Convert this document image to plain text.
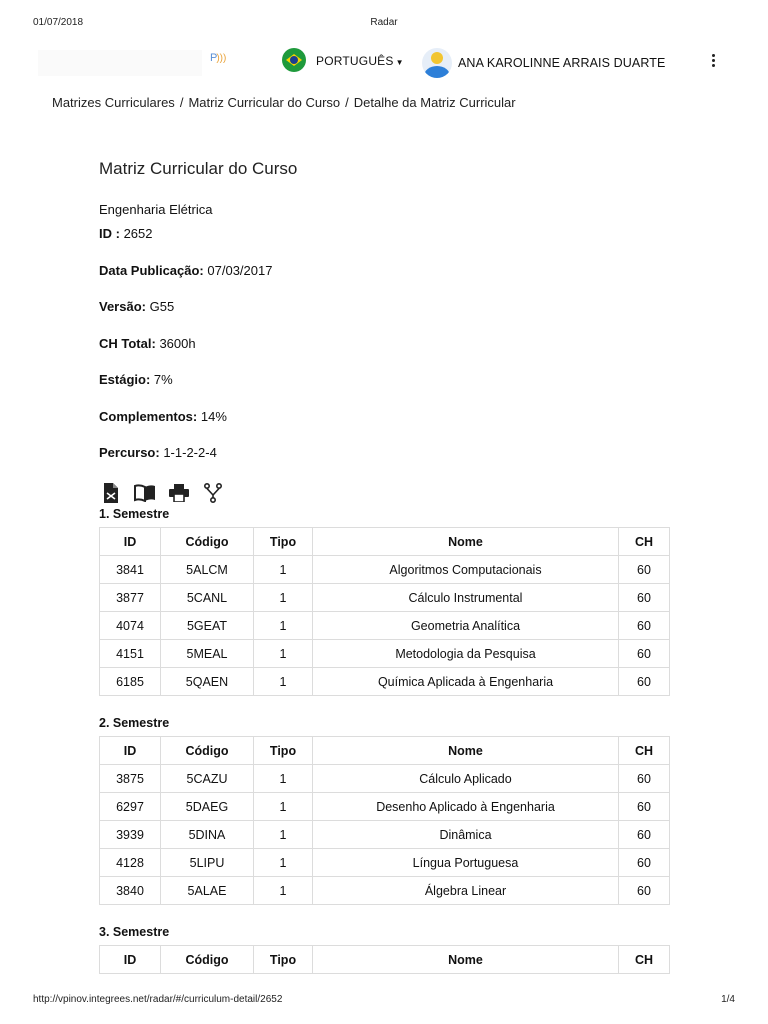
01/07/2018	Radar
P)))	PORTUGUÊS ▼	ANA KAROLINNE ARRAIS DUARTE
Matrizes Curriculares / Matriz Curricular do Curso / Detalhe da Matriz Curricular
Matriz Curricular do Curso
Engenharia Elétrica
ID : 2652
Data Publicação: 07/03/2017
Versão: G55
CH Total: 3600h
Estágio: 7%
Complementos: 14%
Percurso: 1-1-2-2-4
1. Semestre
ID	Código	Tipo	Nome	CH
3841	5ALCM	1	Algoritmos Computacionais	60
3877	5CANL	1	Cálculo Instrumental	60
4074	5GEAT	1	Geometria Analítica	60
4151	5MEAL	1	Metodologia da Pesquisa	60
6185	5QAEN	1	Química Aplicada à Engenharia	60
2. Semestre
ID	Código	Tipo	Nome	CH
3875	5CAZU	1	Cálculo Aplicado	60
6297	5DAEG	1	Desenho Aplicado à Engenharia	60
3939	5DINA	1	Dinâmica	60
4128	5LIPU	1	Língua Portuguesa	60
3840	5ALAE	1	Álgebra Linear	60
3. Semestre
ID	Código	Tipo	Nome	CH
http://vpinov.integrees.net/radar/#/curriculum-detail/2652	1/4
